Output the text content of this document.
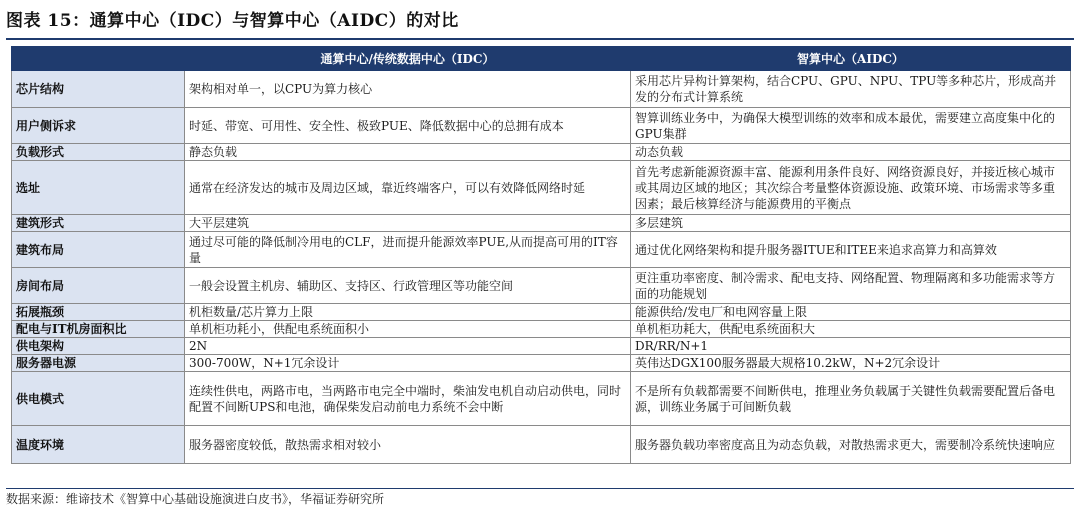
图表 15：通算中心（IDC）与智算中心（AIDC）的对比
	通算中心/传统数据中心（IDC）	智算中心（AIDC）
芯片结构	架构相对单一，以CPU为算力核心	采用芯片异构计算架构，结合CPU、GPU、NPU、TPU等多种芯片，形成高并发的分布式计算系统
用户侧诉求	时延、带宽、可用性、安全性、极致PUE、降低数据中心的总拥有成本	智算训练业务中，为确保大模型训练的效率和成本最优，需要建立高度集中化的GPU集群
负载形式	静态负载	动态负载
选址	通常在经济发达的城市及周边区域，靠近终端客户，可以有效降低网络时延	首先考虑新能源资源丰富、能源利用条件良好、网络资源良好，并接近核心城市或其周边区域的地区；其次综合考量整体资源设施、政策环境、市场需求等多重因素；最后核算经济与能源费用的平衡点
建筑形式	大平层建筑	多层建筑
建筑布局	通过尽可能的降低制冷用电的CLF，进而提升能源效率PUE,从而提高可用的IT容量	通过优化网络架构和提升服务器ITUE和ITEE来追求高算力和高算效
房间布局	一般会设置主机房、辅助区、支持区、行政管理区等功能空间	更注重功率密度、制冷需求、配电支持、网络配置、物理隔离和多功能需求等方面的功能规划
拓展瓶颈	机柜数量/芯片算力上限	能源供给/发电厂和电网容量上限
配电与IT机房面积比	单机柜功耗小，供配电系统面积小	单机柜功耗大，供配电系统面积大
供电架构	2N	DR/RR/N+1
服务器电源	300-700W，N+1冗余设计	英伟达DGX100服务器最大规格10.2kW，N+2冗余设计
供电模式	连续性供电，两路市电，当两路市电完全中端时，柴油发电机自动启动供电，同时配置不间断UPS和电池，确保柴发启动前电力系统不会中断	不是所有负载都需要不间断供电，推理业务负载属于关键性负载需要配置后备电源，训练业务属于可间断负载
温度环境	服务器密度较低，散热需求相对较小	服务器负载功率密度高且为动态负载，对散热需求更大，需要制冷系统快速响应
数据来源：维谛技术《智算中心基础设施演进白皮书》，华福证券研究所
